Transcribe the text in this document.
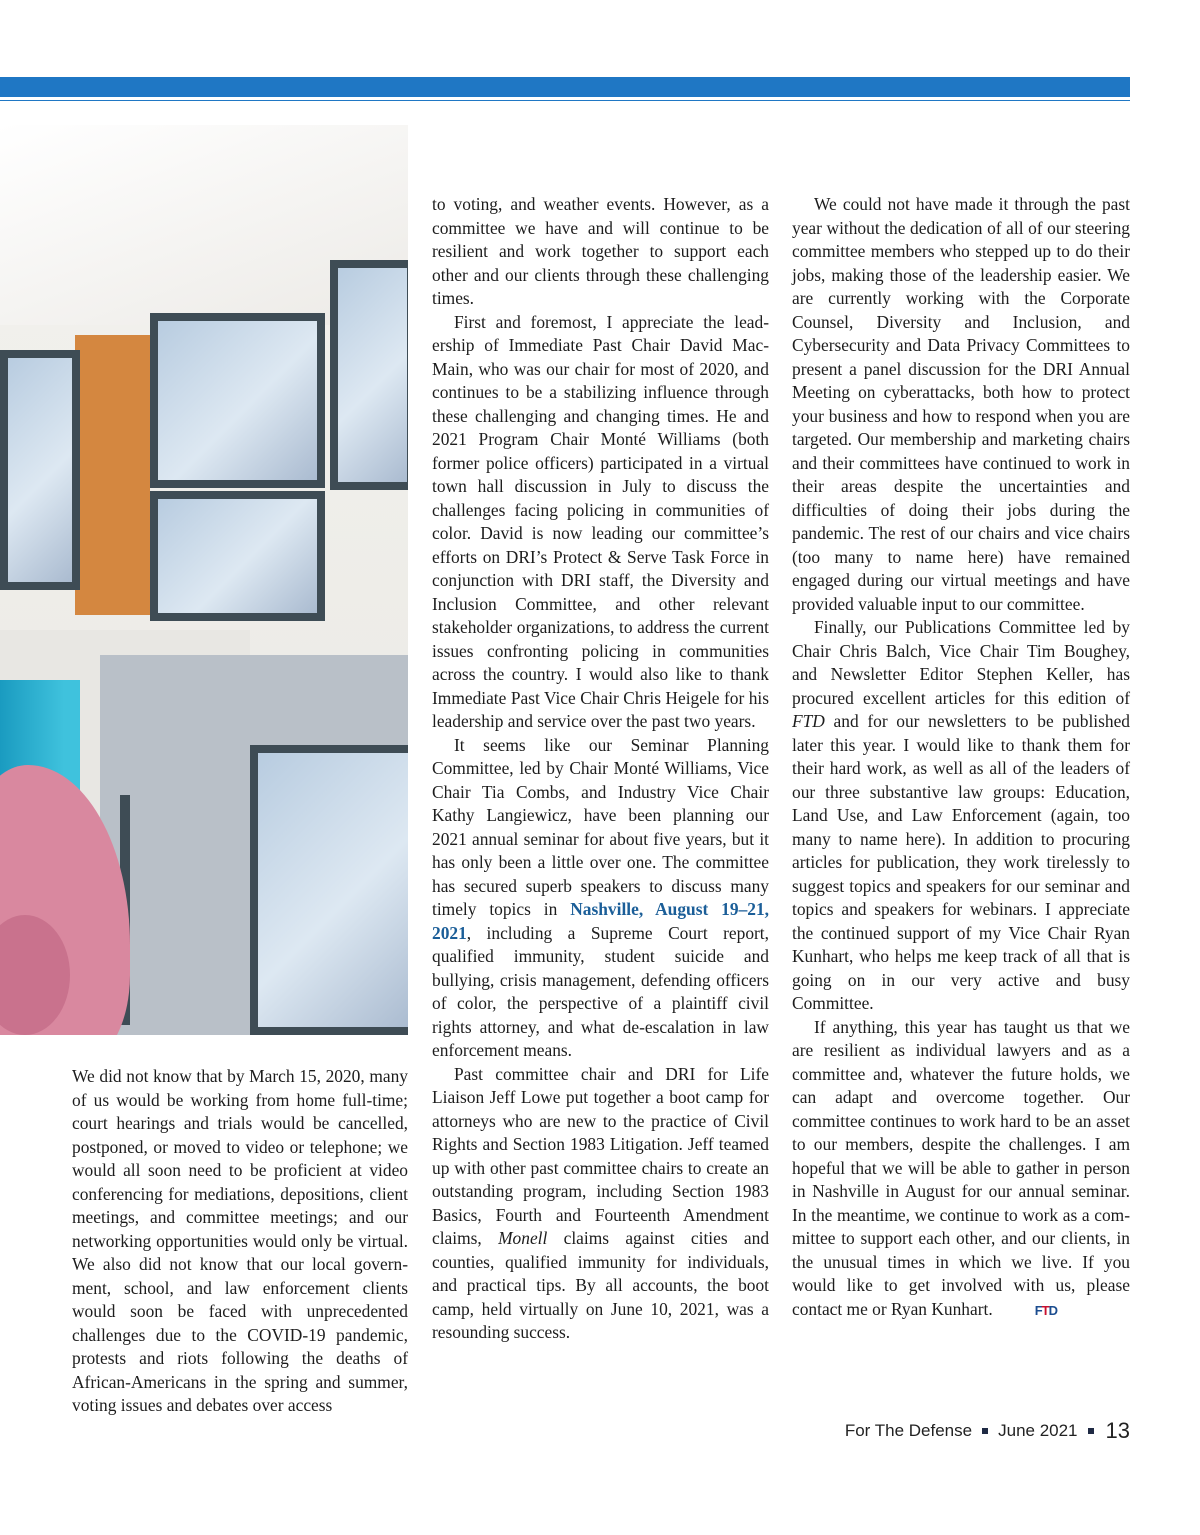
We did not know that by March 15, 2020, many of us would be working from home full-time; court hearings and trials would be cancelled, postponed, or moved to video or telephone; we would all soon need to be proficient at video conferencing for mediations, depositions, client meetings, and committee meetings; and our networking opportunities would only be virtual. We also did not know that our local government, school, and law enforcement clients would soon be faced with unprecedented challenges due to the COVID-19 pandemic, protests and riots following the deaths of African-Americans in the spring and summer, voting issues and debates over access

to voting, and weather events. However, as a committee we have and will continue to be resilient and work together to support each other and our clients through these challenging times.

First and foremost, I appreciate the leadership of Immediate Past Chair David MacMain, who was our chair for most of 2020, and continues to be a stabilizing influence through these challenging and changing times. He and 2021 Program Chair Monté Williams (both former police officers) participated in a virtual town hall discussion in July to discuss the challenges facing policing in communities of color. David is now leading our committee’s efforts on DRI’s Protect & Serve Task Force in conjunction with DRI staff, the Diversity and Inclusion Committee, and other relevant stakeholder organizations, to address the current issues confronting policing in communities across the country. I would also like to thank Immediate Past Vice Chair Chris Heigele for his leadership and service over the past two years.

It seems like our Seminar Planning Committee, led by Chair Monté Williams, Vice Chair Tia Combs, and Industry Vice Chair Kathy Langiewicz, have been planning our 2021 annual seminar for about five years, but it has only been a little over one. The committee has secured superb speakers to discuss many timely topics in Nashville, August 19–21, 2021, including a Supreme Court report, qualified immunity, student suicide and bullying, crisis management, defending officers of color, the perspective of a plaintiff civil rights attorney, and what de-escalation in law enforcement means.

Past committee chair and DRI for Life Liaison Jeff Lowe put together a boot camp for attorneys who are new to the practice of Civil Rights and Section 1983 Litigation. Jeff teamed up with other past committee chairs to create an outstanding program, including Section 1983 Basics, Fourth and Fourteenth Amendment claims, Monell claims against cities and counties, qualified immunity for individuals, and practical tips. By all accounts, the boot camp, held virtually on June 10, 2021, was a resounding success.

We could not have made it through the past year without the dedication of all of our steering committee members who stepped up to do their jobs, making those of the leadership easier. We are currently working with the Corporate Counsel, Diversity and Inclusion, and Cybersecurity and Data Privacy Committees to present a panel discussion for the DRI Annual Meeting on cyberattacks, both how to protect your business and how to respond when you are targeted. Our membership and marketing chairs and their committees have continued to work in their areas despite the uncertainties and difficulties of doing their jobs during the pandemic. The rest of our chairs and vice chairs (too many to name here) have remained engaged during our virtual meetings and have provided valuable input to our committee.

Finally, our Publications Committee led by Chair Chris Balch, Vice Chair Tim Boughey, and Newsletter Editor Stephen Keller, has procured excellent articles for this edition of FTD and for our newsletters to be published later this year. I would like to thank them for their hard work, as well as all of the leaders of our three substantive law groups: Education, Land Use, and Law Enforcement (again, too many to name here). In addition to procuring articles for publication, they work tirelessly to suggest topics and speakers for our seminar and topics and speakers for webinars. I appreciate the continued support of my Vice Chair Ryan Kunhart, who helps me keep track of all that is going on in our very active and busy Committee.

If anything, this year has taught us that we are resilient as individual lawyers and as a committee and, whatever the future holds, we can adapt and overcome together. Our committee continues to work hard to be an asset to our members, despite the challenges. I am hopeful that we will be able to gather in person in Nashville in August for our annual seminar. In the meantime, we continue to work as a committee to support each other, and our clients, in the unusual times in which we live. If you would like to get involved with us, please contact me or Ryan Kunhart.	FTD

For The Defense June 2021 13
